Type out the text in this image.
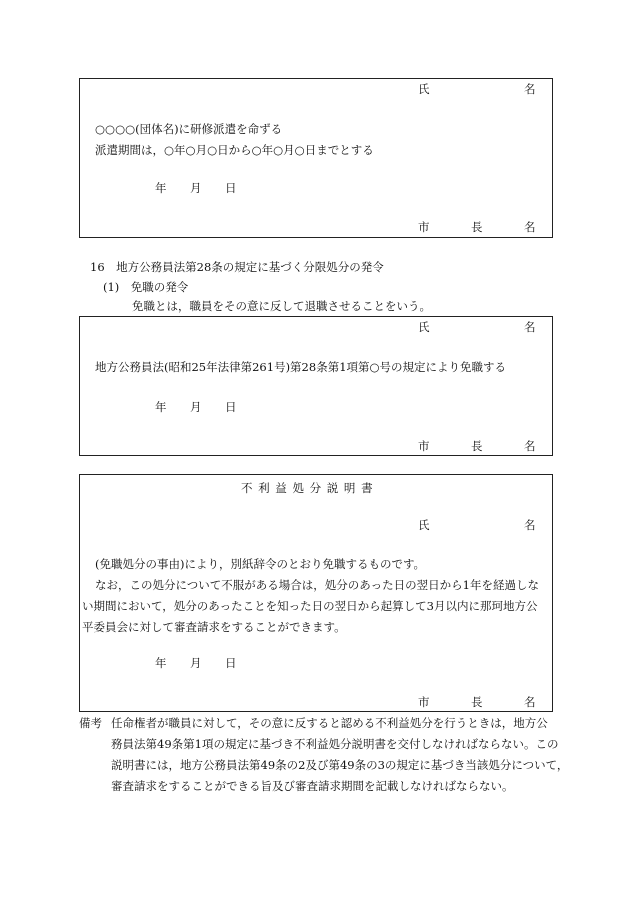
氏	名
○○○○(団体名)に研修派遣を命ずる
派遣期間は，○年○月○日から○年○月○日までとする
年 月 日
市	長	名
16　地方公務員法第28条の規定に基づく分限処分の発令
(1)　免職の発令
免職とは，職員をその意に反して退職させることをいう。
氏	名
地方公務員法(昭和25年法律第261号)第28条第1項第○号の規定により免職する
年 月 日
市	長	名
不 利 益 処 分 説 明 書
氏	名
(免職処分の事由)により，別紙辞令のとおり免職するものです。
なお，この処分について不服がある場合は，処分のあった日の翌日から1年を経過しな
い期間において，処分のあったことを知った日の翌日から起算して3月以内に那珂地方公
平委員会に対して審査請求をすることができます。
年 月 日
市	長	名
備考 任命権者が職員に対して，その意に反すると認める不利益処分を行うときは，地方公
務員法第49条第1項の規定に基づき不利益処分説明書を交付しなければならない。この
説明書には，地方公務員法第49条の2及び第49条の3の規定に基づき当該処分について，
審査請求をすることができる旨及び審査請求期間を記載しなければならない。
